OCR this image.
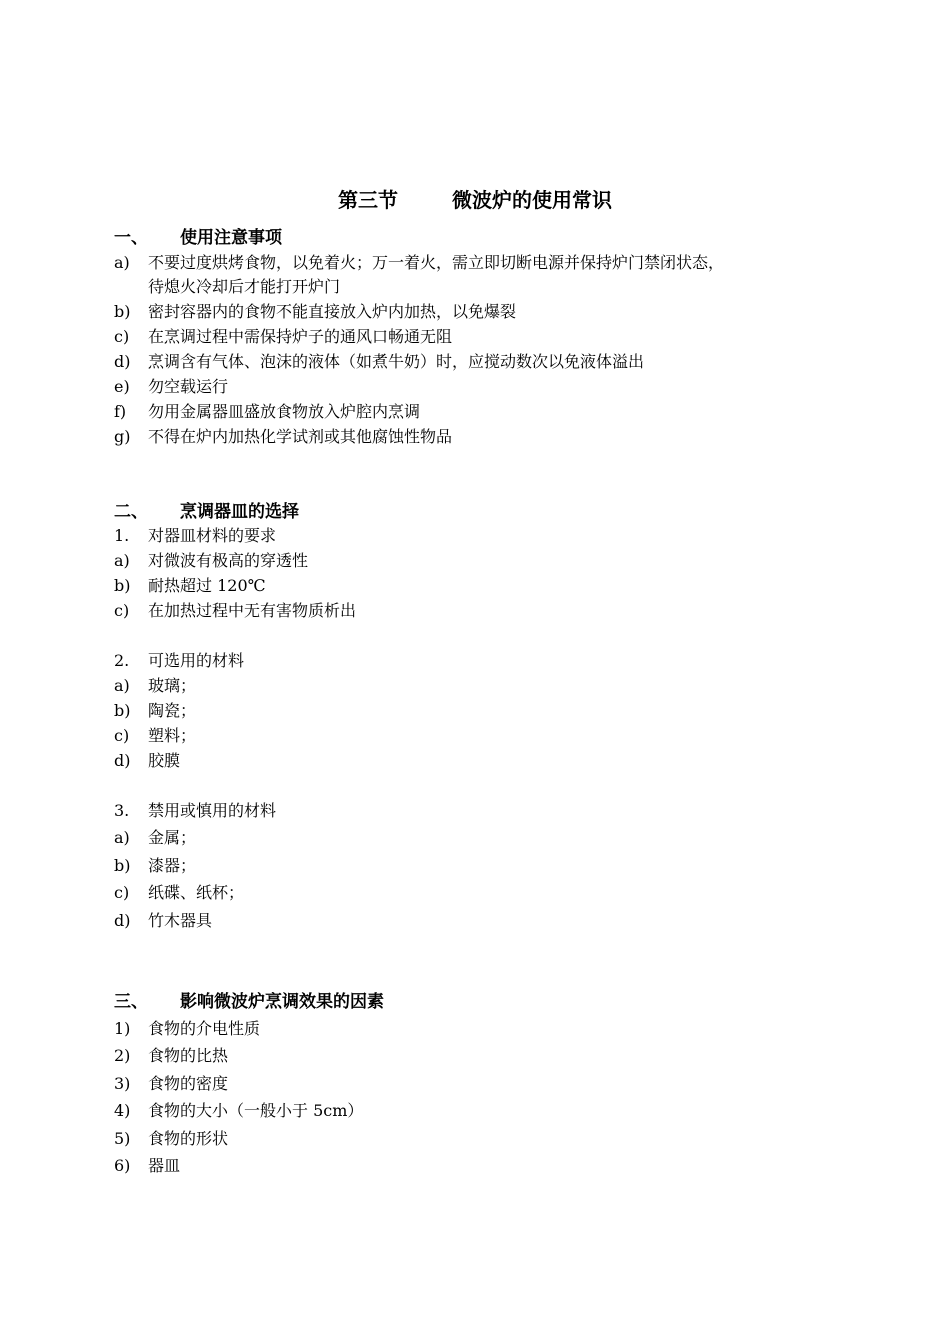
第三节	微波炉的使用常识
一、 使用注意事项
a) 不要过度烘烤食物，以免着火；万一着火，需立即切断电源并保持炉门禁闭状态，
待熄火冷却后才能打开炉门
b) 密封容器内的食物不能直接放入炉内加热，以免爆裂
c) 在烹调过程中需保持炉子的通风口畅通无阻
d) 烹调含有气体、泡沫的液体（如煮牛奶）时，应搅动数次以免液体溢出
e) 勿空载运行
f) 勿用金属器皿盛放食物放入炉腔内烹调
g) 不得在炉内加热化学试剂或其他腐蚀性物品
二、 烹调器皿的选择
1. 对器皿材料的要求
a) 对微波有极高的穿透性
b) 耐热超过 120℃
c) 在加热过程中无有害物质析出
2. 可选用的材料
a) 玻璃；
b) 陶瓷；
c) 塑料；
d) 胶膜
3. 禁用或慎用的材料
a) 金属；
b) 漆器；
c) 纸碟、纸杯；
d) 竹木器具
三、 影响微波炉烹调效果的因素
1) 食物的介电性质
2) 食物的比热
3) 食物的密度
4) 食物的大小（一般小于 5cm）
5) 食物的形状
6) 器皿
